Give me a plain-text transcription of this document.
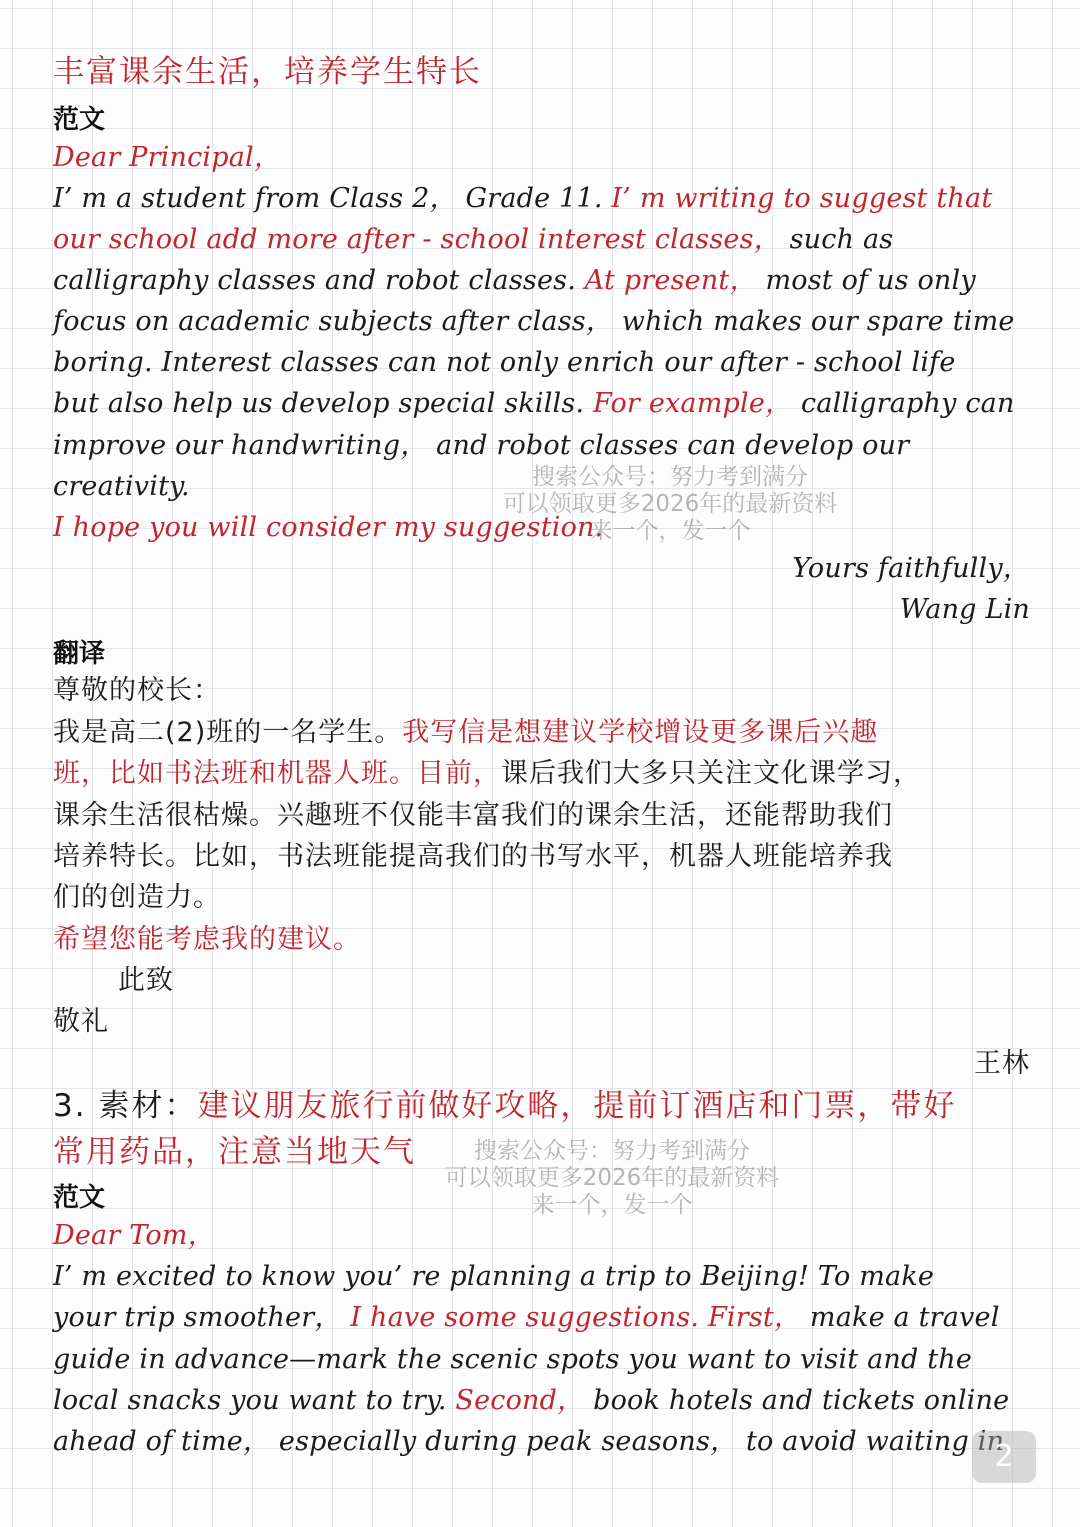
丰富课余生活，培养学生特长

范文

Dear Principal，

I’ m a student from Class 2， Grade 11. I’ m writing to suggest that

our school add more after - school interest classes， such as

calligraphy classes and robot classes. At present， most of us only

focus on academic subjects after class， which makes our spare time

boring. Interest classes can not only enrich our after - school life

but also help us develop special skills. For example， calligraphy can

improve our handwriting， and robot classes can develop our

creativity.

I hope you will consider my suggestion.

Yours faithfully，

Wang Lin

翻译

尊敬的校长：

我是高二(2)班的一名学生。我写信是想建议学校增设更多课后兴趣

班，比如书法班和机器人班。目前，课后我们大多只关注文化课学习，

课余生活很枯燥。兴趣班不仅能丰富我们的课余生活，还能帮助我们

培养特长。比如，书法班能提高我们的书写水平，机器人班能培养我

们的创造力。

希望您能考虑我的建议。

此致

敬礼

王林

3. 素材：建议朋友旅行前做好攻略，提前订酒店和门票，带好

常用药品，注意当地天气

范文

Dear Tom，

I’ m excited to know you’ re planning a trip to Beijing! To make

your trip smoother， I have some suggestions. First， make a travel

guide in advance—mark the scenic spots you want to visit and the

local snacks you want to try. Second， book hotels and tickets online

ahead of time， especially during peak seasons， to avoid waiting in

搜索公众号：努力考到满分
可以领取更多2026年的最新资料
来一个，发一个
搜索公众号：努力考到满分
可以领取更多2026年的最新资料
来一个，发一个
2
